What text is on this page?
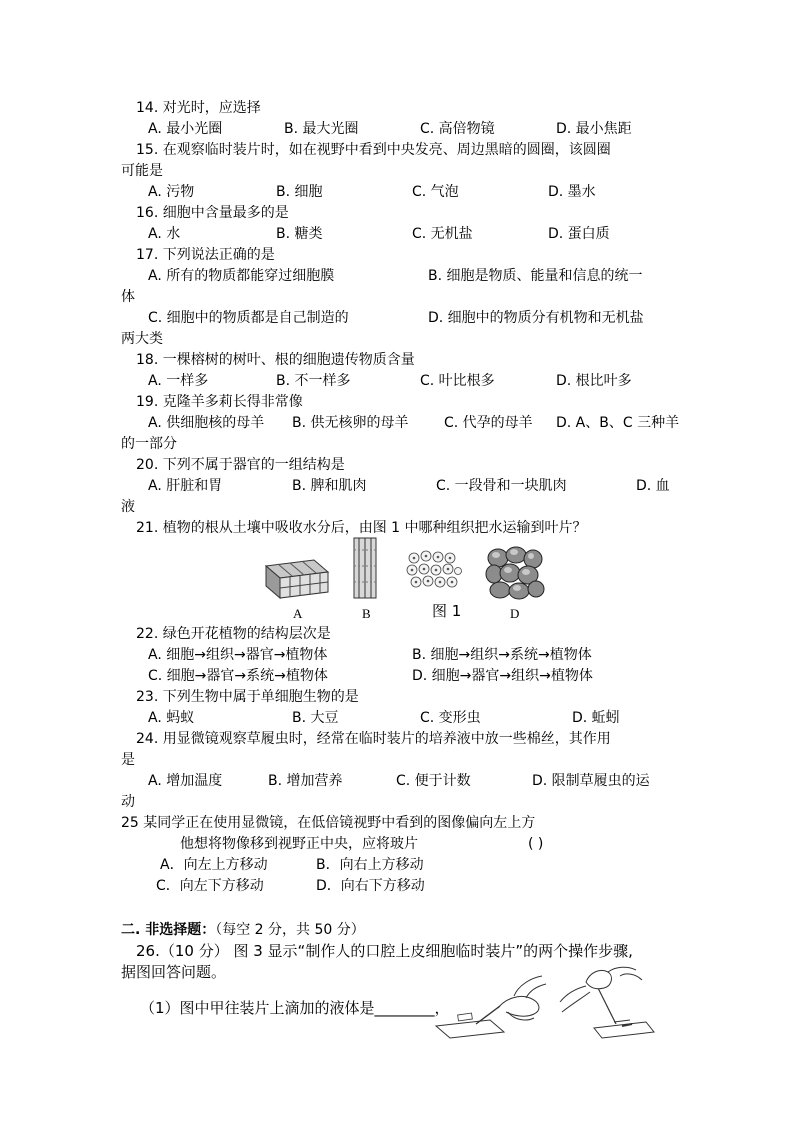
14. 对光时，应选择
A. 最小光圈	B. 最大光圈	C. 高倍物镜	D. 最小焦距
15. 在观察临时装片时，如在视野中看到中央发亮、周边黑暗的圆圈，该圆圈
可能是
A. 污物	B. 细胞	C. 气泡	D. 墨水
16. 细胞中含量最多的是
A. 水	B. 糖类	C. 无机盐	D. 蛋白质
17. 下列说法正确的是
A. 所有的物质都能穿过细胞膜	B. 细胞是物质、能量和信息的统一
体
C. 细胞中的物质都是自己制造的	D. 细胞中的物质分有机物和无机盐
两大类
18. 一棵榕树的树叶、根的细胞遗传物质含量
A. 一样多	B. 不一样多	C. 叶比根多	D. 根比叶多
19. 克隆羊多莉长得非常像
A. 供细胞核的母羊 B. 供无核卵的母羊	C. 代孕的母羊 D. A、B、C 三种羊
的一部分
20. 下列不属于器官的一组结构是
A. 肝脏和胃	B. 脾和肌肉	C. 一段骨和一块肌肉	D. 血
液
21. 植物的根从土壤中吸收水分后，由图 1 中哪种组织把水运输到叶片？
A	B	图 1	D
22. 绿色开花植物的结构层次是
A. 细胞→组织→器官→植物体	B. 细胞→组织→系统→植物体
C. 细胞→器官→系统→植物体	D. 细胞→器官→组织→植物体
23. 下列生物中属于单细胞生物的是
A. 蚂蚁	B. 大豆	C. 变形虫	D. 蚯蚓
24. 用显微镜观察草履虫时，经常在临时装片的培养液中放一些棉丝，其作用
是
A. 增加温度	B. 增加营养	C. 便于计数	D. 限制草履虫的运
动
25 某同学正在使用显微镜，在低倍镜视野中看到的图像偏向左上方
他想将物像移到视野正中央，应将玻片	( )
A．向左上方移动	B．向右上方移动
C．向左下方移动	D．向右下方移动
二. 非选择题：（每空 2 分，共 50 分）
26.（10 分） 图 3 显示“制作人的口腔上皮细胞临时装片”的两个操作步骤,
据图回答问题。
（1）图中甲往装片上滴加的液体是________，
